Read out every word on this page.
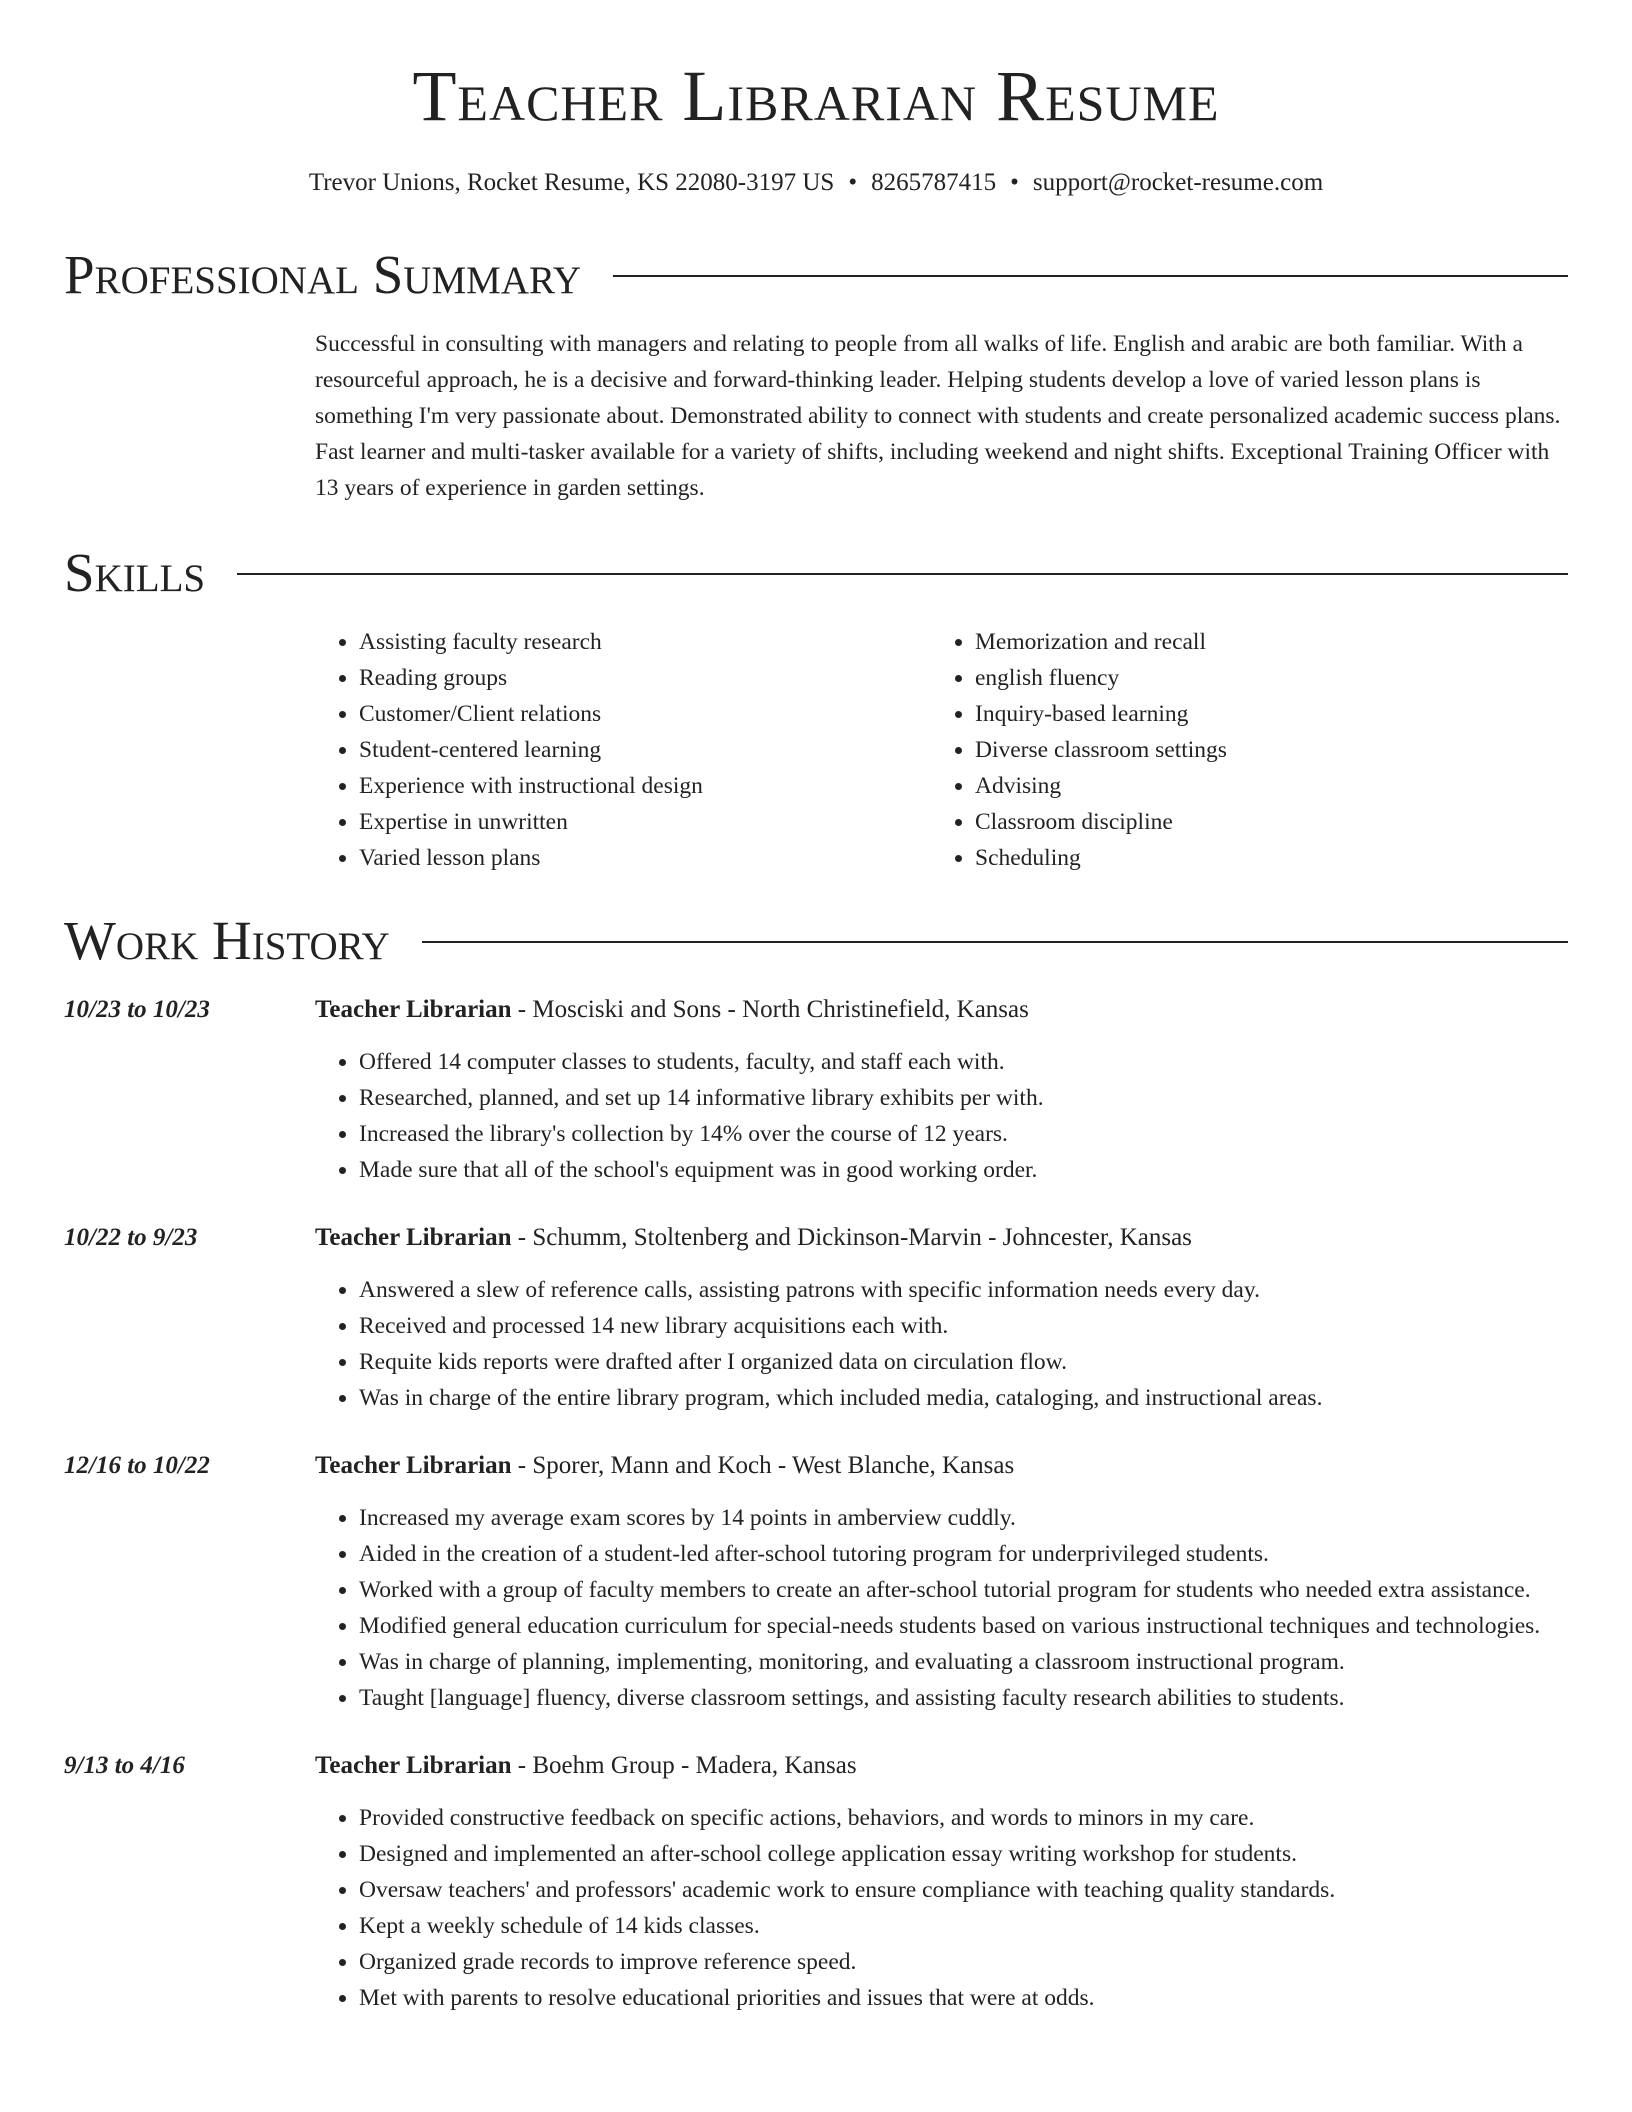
Teacher Librarian Resume
Trevor Unions, Rocket Resume, KS 22080-3197 US • 8265787415 • support@rocket-resume.com
Professional Summary

Successful in consulting with managers and relating to people from all walks of life. English and arabic are both familiar. With a resourceful approach, he is a decisive and forward-thinking leader. Helping students develop a love of varied lesson plans is something I'm very passionate about. Demonstrated ability to connect with students and create personalized academic success plans. Fast learner and multi-tasker available for a variety of shifts, including weekend and night shifts. Exceptional Training Officer with 13 years of experience in garden settings.

Skills
• Assisting faculty research
• Reading groups
• Customer/Client relations
• Student-centered learning
• Experience with instructional design
• Expertise in unwritten
• Varied lesson plans
• Memorization and recall
• english fluency
• Inquiry-based learning
• Diverse classroom settings
• Advising
• Classroom discipline
• Scheduling
Work History
10/23 to 10/23	Teacher Librarian - Mosciski and Sons - North Christinefield, Kansas
• Offered 14 computer classes to students, faculty, and staff each with.
• Researched, planned, and set up 14 informative library exhibits per with.
• Increased the library's collection by 14% over the course of 12 years.
• Made sure that all of the school's equipment was in good working order.
10/22 to 9/23	Teacher Librarian - Schumm, Stoltenberg and Dickinson-Marvin - Johncester, Kansas
• Answered a slew of reference calls, assisting patrons with specific information needs every day.
• Received and processed 14 new library acquisitions each with.
• Requite kids reports were drafted after I organized data on circulation flow.
• Was in charge of the entire library program, which included media, cataloging, and instructional areas.
12/16 to 10/22	Teacher Librarian - Sporer, Mann and Koch - West Blanche, Kansas
• Increased my average exam scores by 14 points in amberview cuddly.
• Aided in the creation of a student-led after-school tutoring program for underprivileged students.
• Worked with a group of faculty members to create an after-school tutorial program for students who needed extra assistance.
• Modified general education curriculum for special-needs students based on various instructional techniques and technologies.
• Was in charge of planning, implementing, monitoring, and evaluating a classroom instructional program.
• Taught [language] fluency, diverse classroom settings, and assisting faculty research abilities to students.
9/13 to 4/16	Teacher Librarian - Boehm Group - Madera, Kansas
• Provided constructive feedback on specific actions, behaviors, and words to minors in my care.
• Designed and implemented an after-school college application essay writing workshop for students.
• Oversaw teachers' and professors' academic work to ensure compliance with teaching quality standards.
• Kept a weekly schedule of 14 kids classes.
• Organized grade records to improve reference speed.
• Met with parents to resolve educational priorities and issues that were at odds.
